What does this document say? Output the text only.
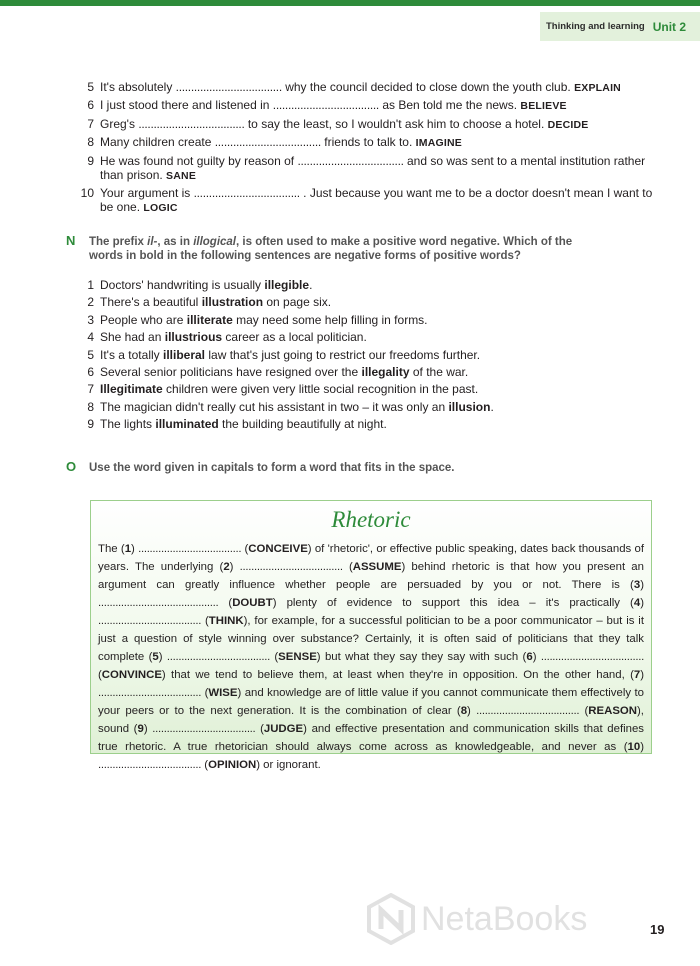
Thinking and learning Unit 2
5 It's absolutely ................................... why the council decided to close down the youth club. EXPLAIN
6 I just stood there and listened in ................................... as Ben told me the news. BELIEVE
7 Greg's ................................... to say the least, so I wouldn't ask him to choose a hotel. DECIDE
8 Many children create ................................... friends to talk to. IMAGINE
9 He was found not guilty by reason of ................................... and so was sent to a mental institution rather than prison. SANE
10 Your argument is ................................... . Just because you want me to be a doctor doesn't mean I want to be one. LOGIC
N The prefix il-, as in illogical, is often used to make a positive word negative. Which of the words in bold in the following sentences are negative forms of positive words?
1 Doctors' handwriting is usually illegible.
2 There's a beautiful illustration on page six.
3 People who are illiterate may need some help filling in forms.
4 She had an illustrious career as a local politician.
5 It's a totally illiberal law that's just going to restrict our freedoms further.
6 Several senior politicians have resigned over the illegality of the war.
7 Illegitimate children were given very little social recognition in the past.
8 The magician didn't really cut his assistant in two – it was only an illusion.
9 The lights illuminated the building beautifully at night.
O Use the word given in capitals to form a word that fits in the space.
Rhetoric

The (1) .................................... (CONCEIVE) of 'rhetoric', or effective public speaking, dates back thousands of years. The underlying (2) .................................... (ASSUME) behind rhetoric is that how you present an argument can greatly influence whether people are persuaded by you or not. There is (3) .......................................... (DOUBT) plenty of evidence to support this idea – it's practically (4) .................................... (THINK), for example, for a successful politician to be a poor communicator – but is it just a question of style winning over substance? Certainly, it is often said of politicians that they talk complete (5) .................................... (SENSE) but what they say they say with such (6) .................................... (CONVINCE) that we tend to believe them, at least when they're in opposition. On the other hand, (7) .................................... (WISE) and knowledge are of little value if you cannot communicate them effectively to your peers or to the next generation. It is the combination of clear (8) .................................... (REASON), sound (9) .................................... (JUDGE) and effective presentation and communication skills that defines true rhetoric. A true rhetorician should always come across as knowledgeable, and never as (10) .................................... (OPINION) or ignorant.

NetaBooks	19
